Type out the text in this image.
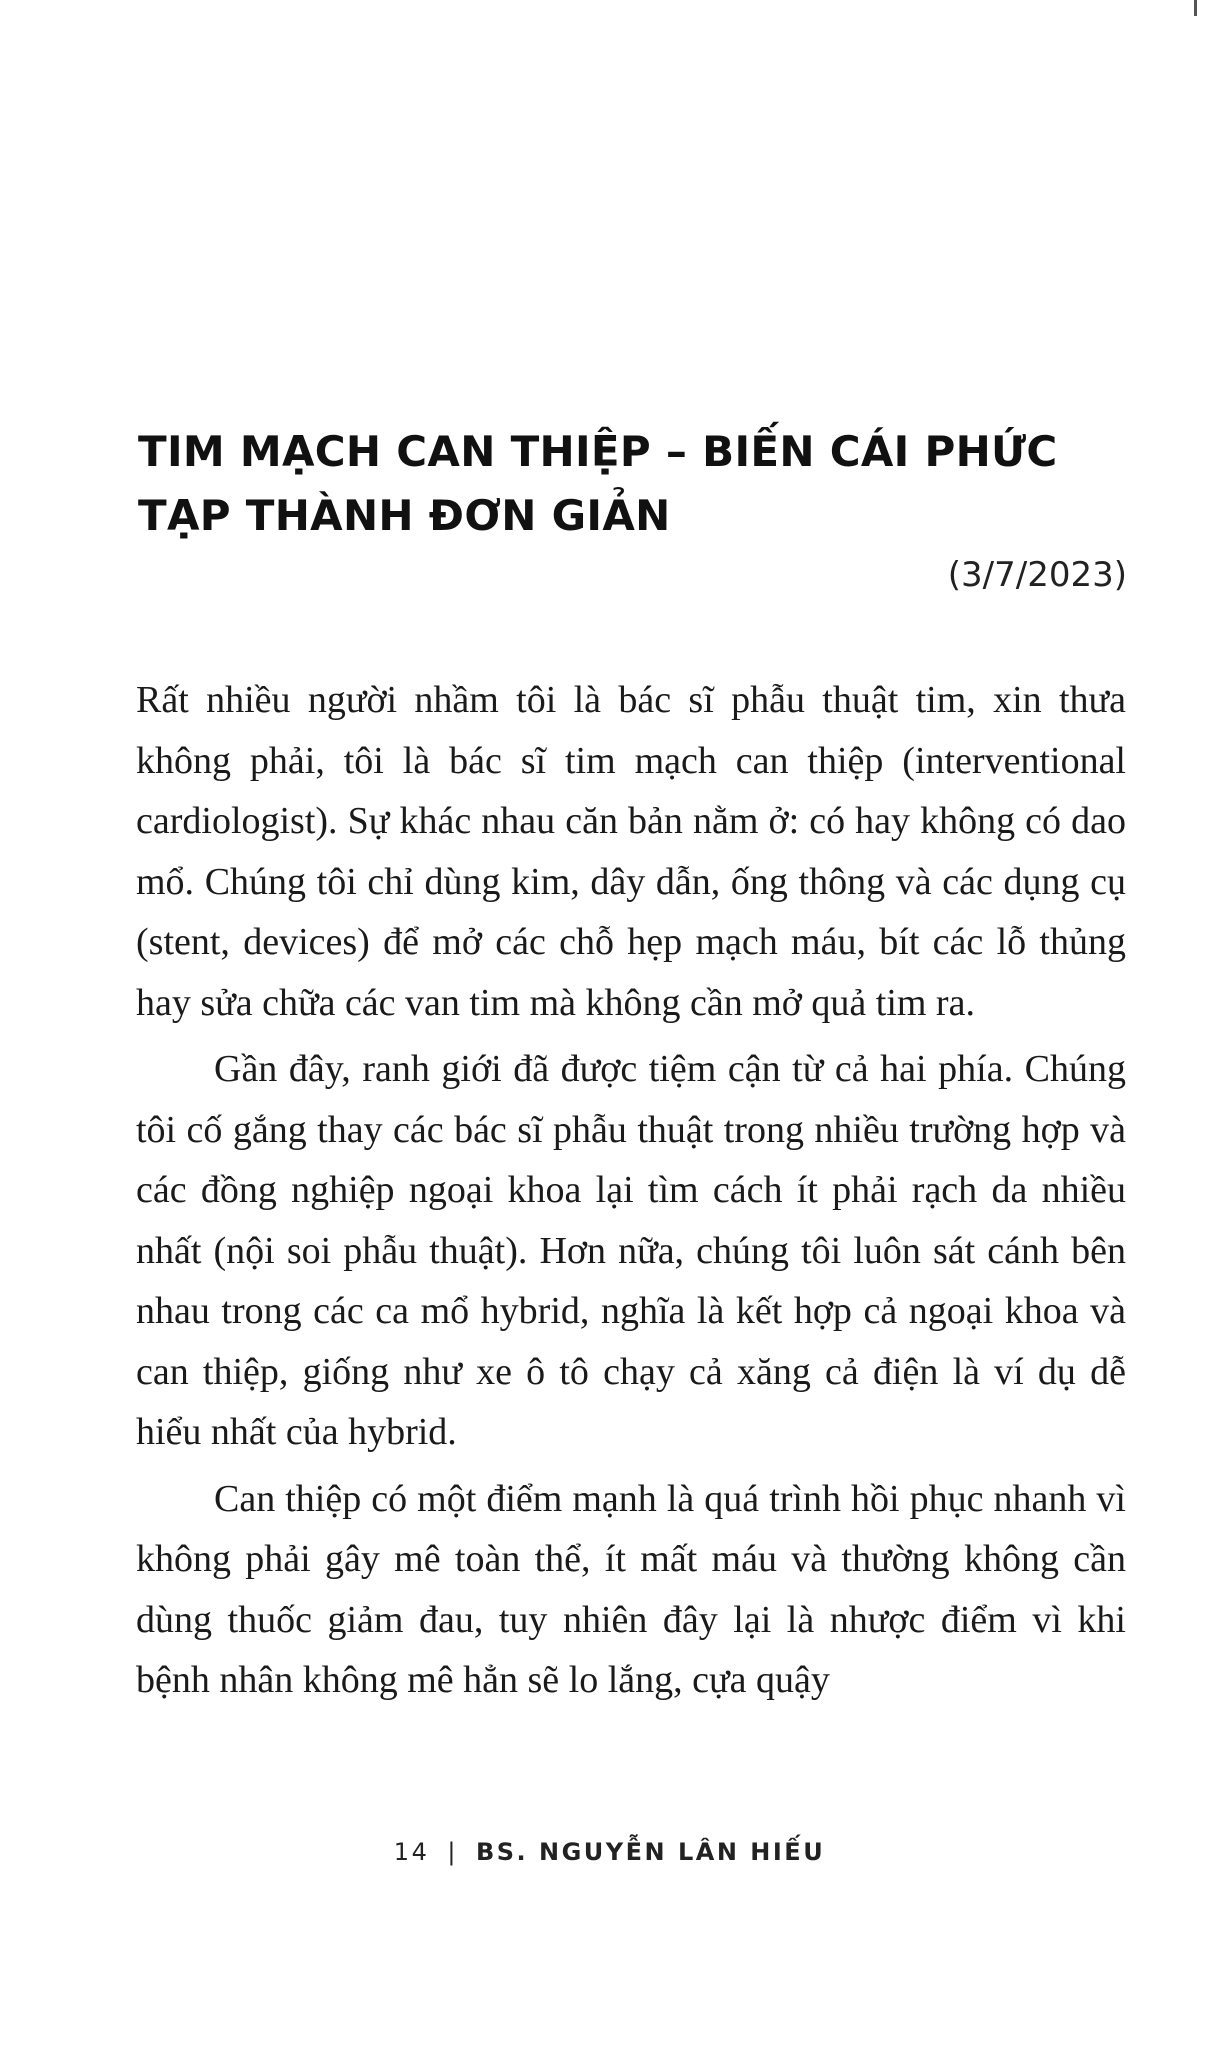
TIM MẠCH CAN THIỆP – BIẾN CÁI PHỨC TẠP THÀNH ĐƠN GIẢN

(3/7/2023)

Rất nhiều người nhầm tôi là bác sĩ phẫu thuật tim, xin thưa không phải, tôi là bác sĩ tim mạch can thiệp (interventional cardiologist). Sự khác nhau căn bản nằm ở: có hay không có dao mổ. Chúng tôi chỉ dùng kim, dây dẫn, ống thông và các dụng cụ (stent, devices) để mở các chỗ hẹp mạch máu, bít các lỗ thủng hay sửa chữa các van tim mà không cần mở quả tim ra.

Gần đây, ranh giới đã được tiệm cận từ cả hai phía. Chúng tôi cố gắng thay các bác sĩ phẫu thuật trong nhiều trường hợp và các đồng nghiệp ngoại khoa lại tìm cách ít phải rạch da nhiều nhất (nội soi phẫu thuật). Hơn nữa, chúng tôi luôn sát cánh bên nhau trong các ca mổ hybrid, nghĩa là kết hợp cả ngoại khoa và can thiệp, giống như xe ô tô chạy cả xăng cả điện là ví dụ dễ hiểu nhất của hybrid.

Can thiệp có một điểm mạnh là quá trình hồi phục nhanh vì không phải gây mê toàn thể, ít mất máu và thường không cần dùng thuốc giảm đau, tuy nhiên đây lại là nhược điểm vì khi bệnh nhân không mê hẳn sẽ lo lắng, cựa quậy

14 | BS. NGUYỄN LÂN HIẾU
